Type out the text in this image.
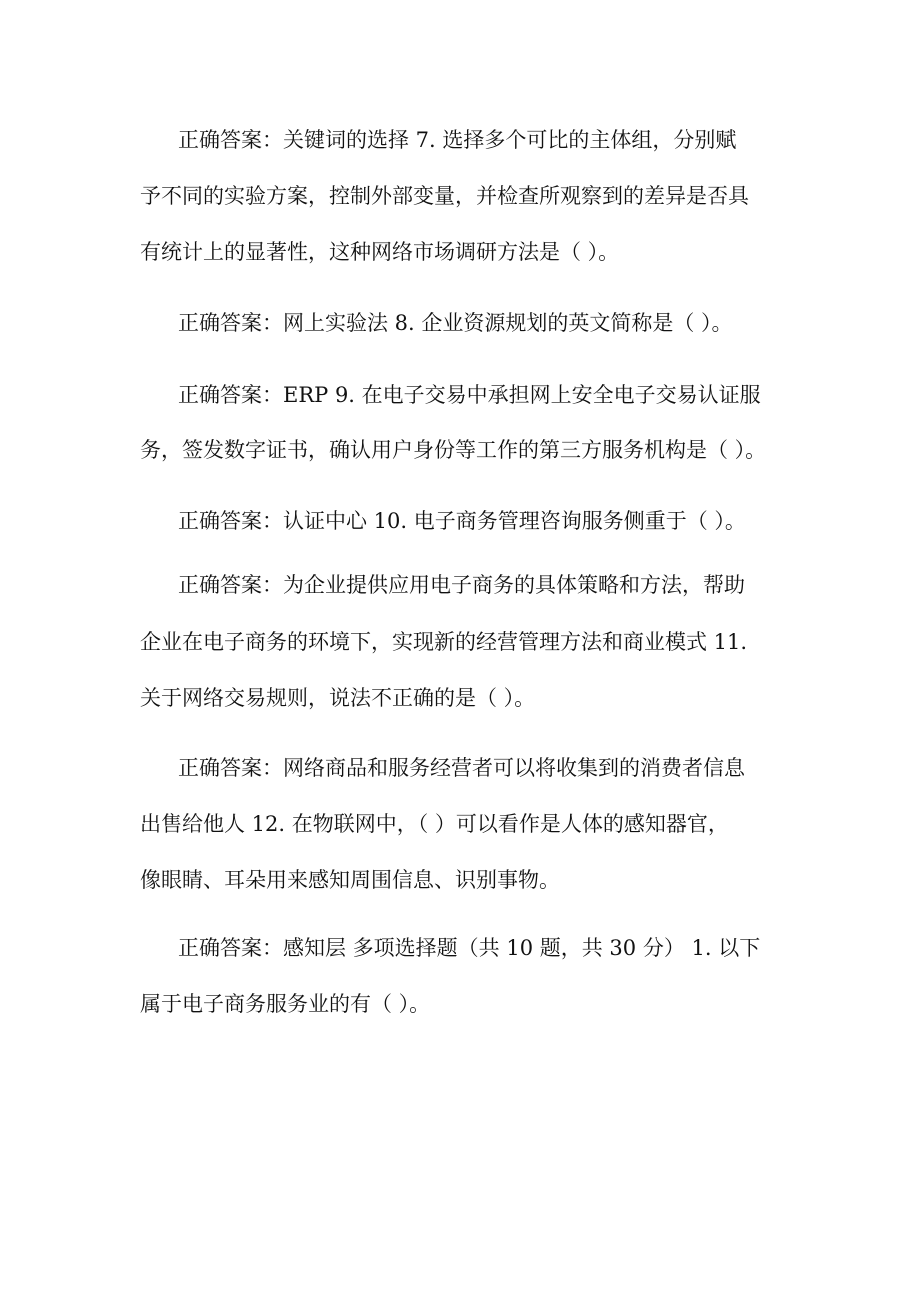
正确答案：关键词的选择 7. 选择多个可比的主体组，分别赋
予不同的实验方案，控制外部变量，并检查所观察到的差异是否具
有统计上的显著性，这种网络市场调研方法是（ ）。
正确答案：网上实验法 8. 企业资源规划的英文简称是（ ）。
正确答案：ERP 9. 在电子交易中承担网上安全电子交易认证服
务，签发数字证书，确认用户身份等工作的第三方服务机构是（ ）。
正确答案：认证中心 10. 电子商务管理咨询服务侧重于（ ）。
正确答案：为企业提供应用电子商务的具体策略和方法，帮助
企业在电子商务的环境下，实现新的经营管理方法和商业模式 11.
关于网络交易规则，说法不正确的是（ ）。
正确答案：网络商品和服务经营者可以将收集到的消费者信息
出售给他人 12. 在物联网中，（ ）可以看作是人体的感知器官，
像眼睛、耳朵用来感知周围信息、识别事物。
正确答案：感知层 多项选择题（共 10 题，共 30 分） 1. 以下
属于电子商务服务业的有（ ）。
